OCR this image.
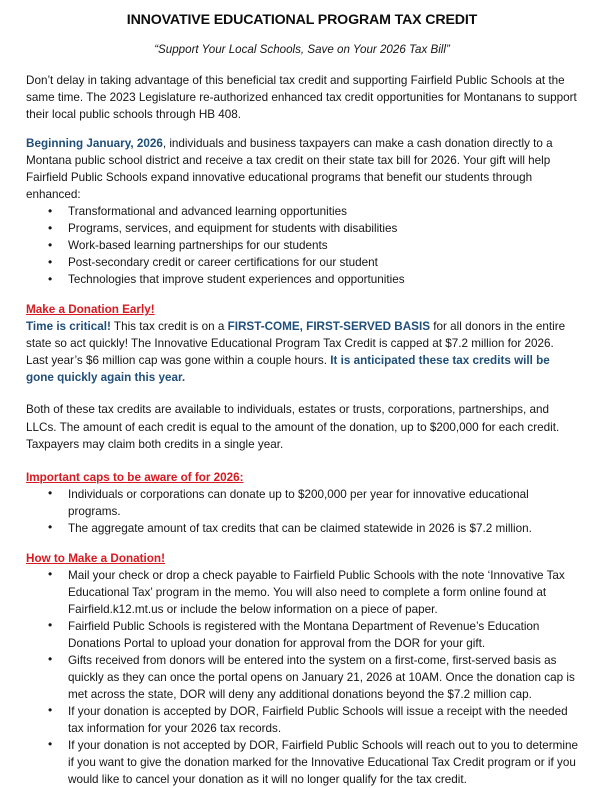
INNOVATIVE EDUCATIONAL PROGRAM TAX CREDIT
“Support Your Local Schools, Save on Your 2026 Tax Bill”

Don’t delay in taking advantage of this beneficial tax credit and supporting Fairfield Public Schools at the same time. The 2023 Legislature re-authorized enhanced tax credit opportunities for Montanans to support their local public schools through HB 408.

Beginning January, 2026, individuals and business taxpayers can make a cash donation directly to a Montana public school district and receive a tax credit on their state tax bill for 2026. Your gift will help Fairfield Public Schools expand innovative educational programs that benefit our students through enhanced:

• Transformational and advanced learning opportunities
• Programs, services, and equipment for students with disabilities
• Work-based learning partnerships for our students
• Post-secondary credit or career certifications for our student
• Technologies that improve student experiences and opportunities
Make a Donation Early!

Time is critical! This tax credit is on a FIRST-COME, FIRST-SERVED BASIS for all donors in the entire state so act quickly! The Innovative Educational Program Tax Credit is capped at $7.2 million for 2026. Last year’s $6 million cap was gone within a couple hours. It is anticipated these tax credits will be gone quickly again this year.

Both of these tax credits are available to individuals, estates or trusts, corporations, partnerships, and LLCs. The amount of each credit is equal to the amount of the donation, up to $200,000 for each credit. Taxpayers may claim both credits in a single year.

Important caps to be aware of for 2026:
• Individuals or corporations can donate up to $200,000 per year for innovative educational programs.
• The aggregate amount of tax credits that can be claimed statewide in 2026 is $7.2 million.
How to Make a Donation!
• Mail your check or drop a check payable to Fairfield Public Schools with the note ‘Innovative Tax Educational Tax’ program in the memo. You will also need to complete a form online found at Fairfield.k12.mt.us or include the below information on a piece of paper.
• Fairfield Public Schools is registered with the Montana Department of Revenue’s Education Donations Portal to upload your donation for approval from the DOR for your gift.
• Gifts received from donors will be entered into the system on a first-come, first-served basis as quickly as they can once the portal opens on January 21, 2026 at 10AM. Once the donation cap is met across the state, DOR will deny any additional donations beyond the $7.2 million cap.
• If your donation is accepted by DOR, Fairfield Public Schools will issue a receipt with the needed tax information for your 2026 tax records.
• If your donation is not accepted by DOR, Fairfield Public Schools will reach out to you to determine if you want to give the donation marked for the Innovative Educational Tax Credit program or if you would like to cancel your donation as it will no longer qualify for the tax credit.
